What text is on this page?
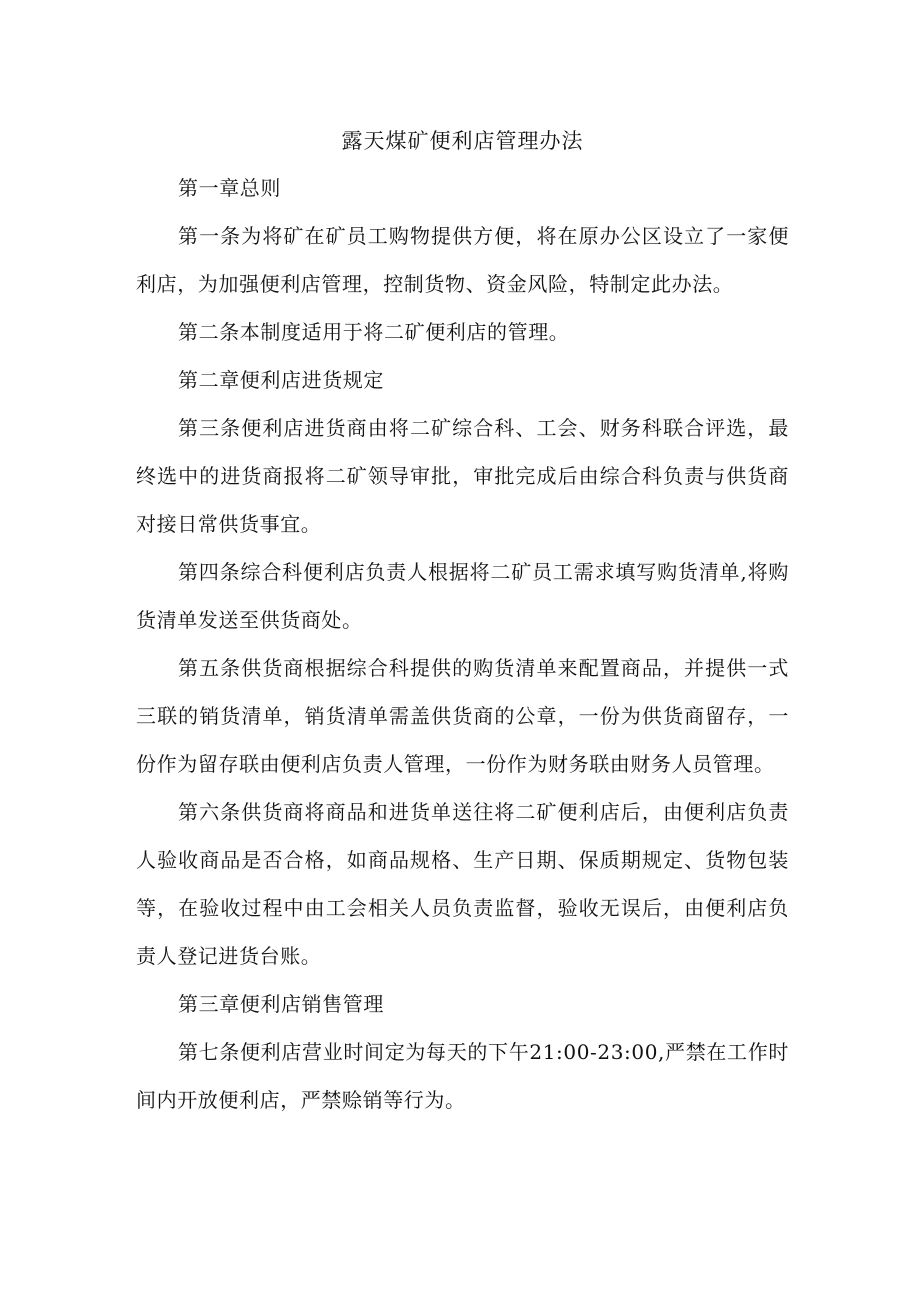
露天煤矿便利店管理办法

第一章总则

第一条为将矿在矿员工购物提供方便，将在原办公区设立了一家便利店，为加强便利店管理，控制货物、资金风险，特制定此办法。

第二条本制度适用于将二矿便利店的管理。

第二章便利店进货规定

第三条便利店进货商由将二矿综合科、工会、财务科联合评选，最终选中的进货商报将二矿领导审批，审批完成后由综合科负责与供货商对接日常供货事宜。

第四条综合科便利店负责人根据将二矿员工需求填写购货清单,将购货清单发送至供货商处。

第五条供货商根据综合科提供的购货清单来配置商品，并提供一式三联的销货清单，销货清单需盖供货商的公章，一份为供货商留存，一份作为留存联由便利店负责人管理，一份作为财务联由财务人员管理。

第六条供货商将商品和进货单送往将二矿便利店后，由便利店负责人验收商品是否合格，如商品规格、生产日期、保质期规定、货物包装等，在验收过程中由工会相关人员负责监督，验收无误后，由便利店负责人登记进货台账。

第三章便利店销售管理

第七条便利店营业时间定为每天的下午21:00-23:00,严禁在工作时间内开放便利店，严禁赊销等行为。
